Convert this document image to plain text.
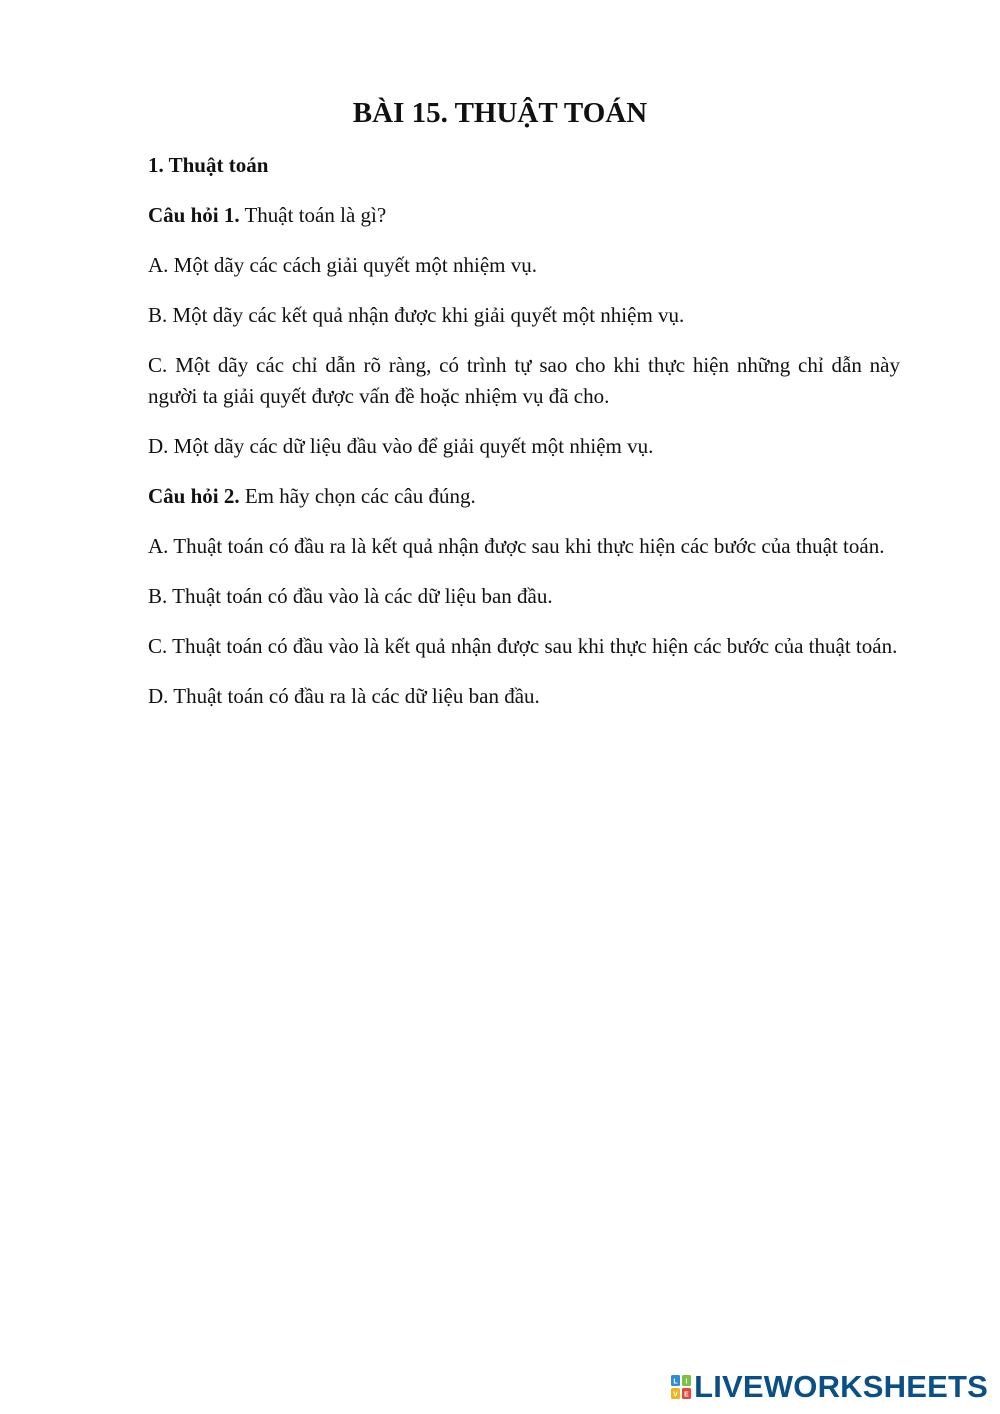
BÀI 15. THUẬT TOÁN
1. Thuật toán
Câu hỏi 1. Thuật toán là gì?
A. Một dãy các cách giải quyết một nhiệm vụ.
B. Một dãy các kết quả nhận được khi giải quyết một nhiệm vụ.
C. Một dãy các chỉ dẫn rõ ràng, có trình tự sao cho khi thực hiện những chỉ dẫn này người ta giải quyết được vấn đề hoặc nhiệm vụ đã cho.
D. Một dãy các dữ liệu đầu vào để giải quyết một nhiệm vụ.
Câu hỏi 2. Em hãy chọn các câu đúng.
A. Thuật toán có đầu ra là kết quả nhận được sau khi thực hiện các bước của thuật toán.
B. Thuật toán có đầu vào là các dữ liệu ban đầu.
C. Thuật toán có đầu vào là kết quả nhận được sau khi thực hiện các bước của thuật toán.
D. Thuật toán có đầu ra là các dữ liệu ban đầu.
L I
V E LIVEWORKSHEETS
